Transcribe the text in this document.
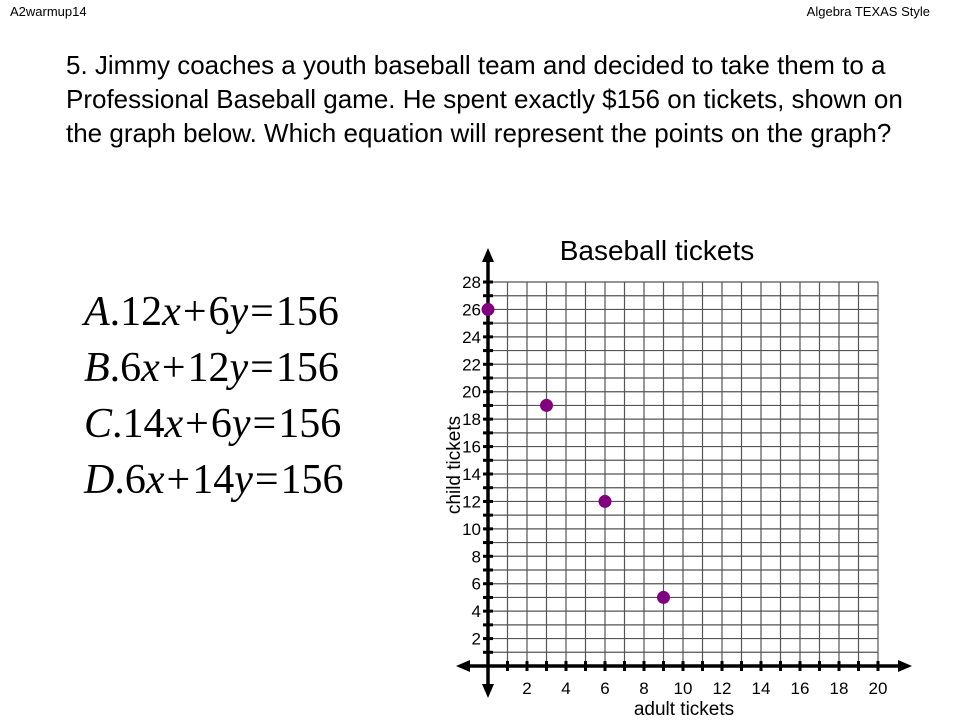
A2warmup14	Algebra TEXAS Style

5. Jimmy coaches a youth baseball team and decided to take them to a Professional Baseball game. He spent exactly $156 on tickets, shown on the graph below. Which equation will represent the points on the graph?

A.12x+6y=156
B.6x+12y=156
C.14x+6y=156
D.6x+14y=156
Baseball tickets
2 4 6 8 10 12 14 16 18 20
2
4
6
8
10
12
14
16
18
20
22
24
26
28
adult tickets
child tickets
